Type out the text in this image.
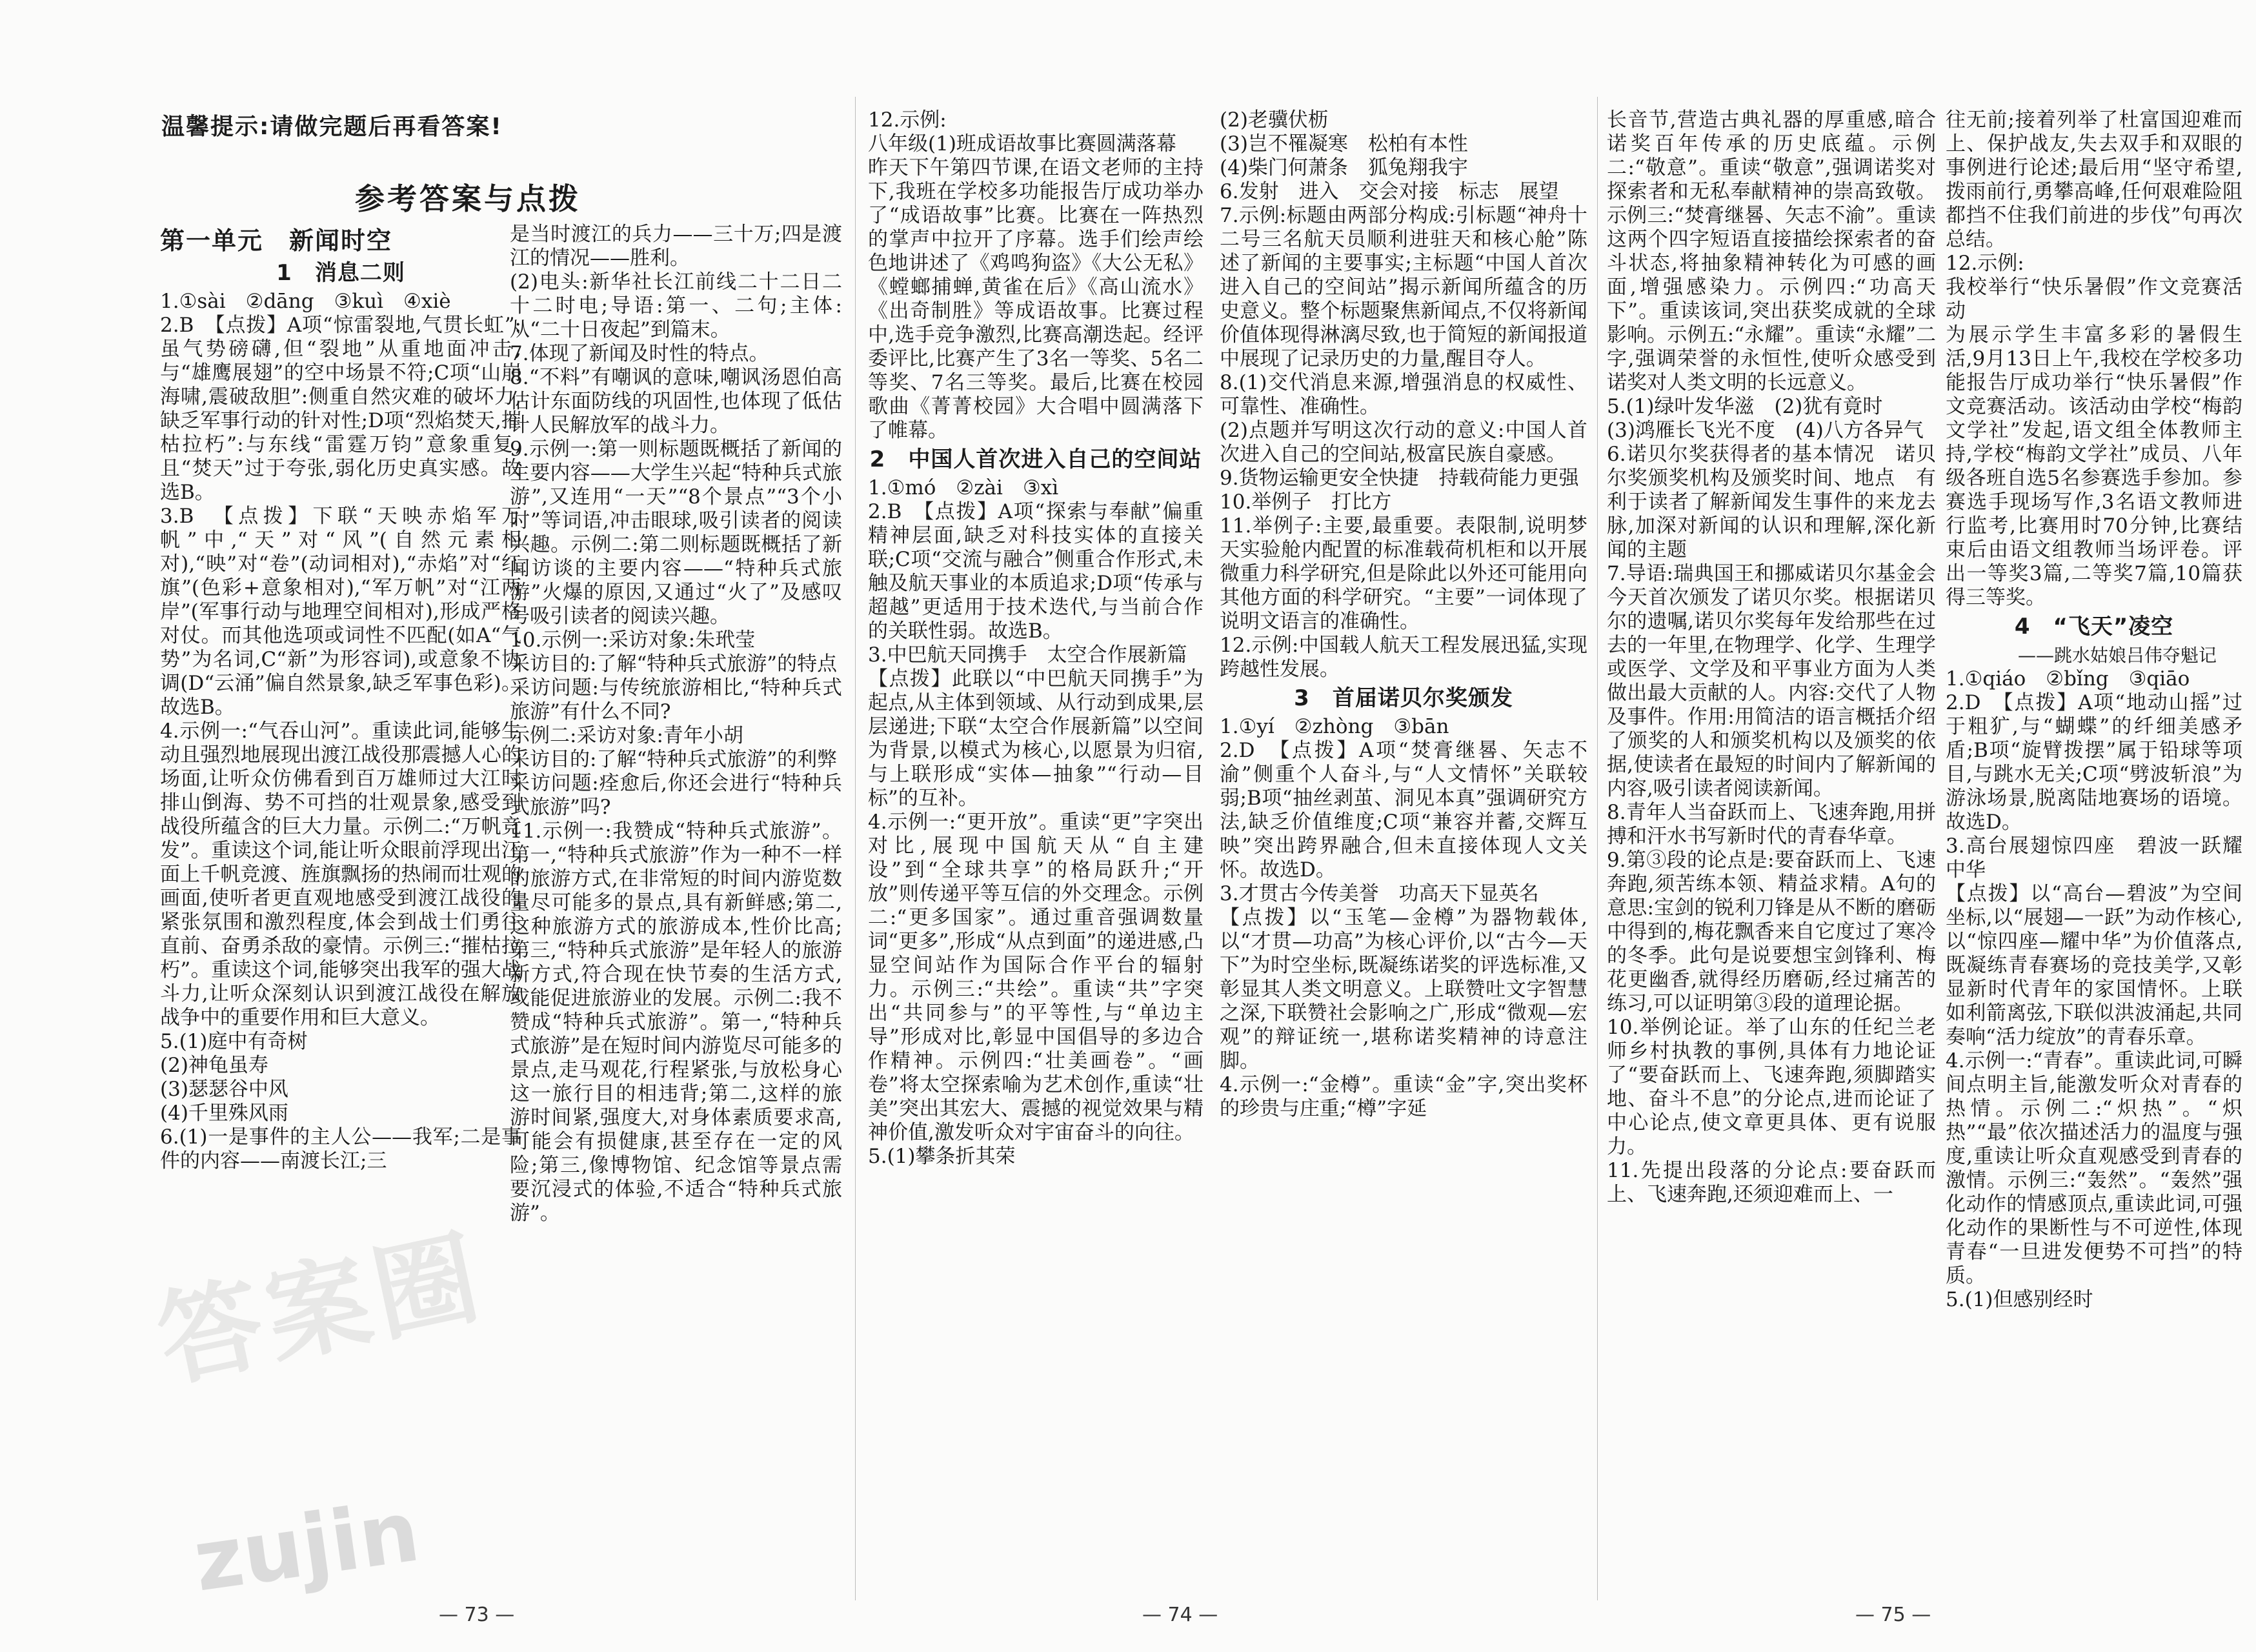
温馨提示:请做完题后再看答案!
参考答案与点拨

第一单元　新闻时空

1　消息二则

1.①sài　②dāng　③kuì　④xiè

2.B　【点拨】A项“惊雷裂地,气贯长虹”:虽气势磅礴,但“裂地”从重地面冲击,与“雄鹰展翅”的空中场景不符;C项“山崩海啸,震破敌胆”:侧重自然灾难的破坏力,缺乏军事行动的针对性;D项“烈焰焚天,摧枯拉朽”:与东线“雷霆万钧”意象重复,且“焚天”过于夸张,弱化历史真实感。故选B。

3.B　【点拨】下联“天映赤焰军万帆”中,“天”对“风”(自然元素相对),“映”对“卷”(动词相对),“赤焰”对“红旗”(色彩+意象相对),“军万帆”对“江两岸”(军事行动与地理空间相对),形成严格对仗。而其他选项或词性不匹配(如A“气势”为名词,C“新”为形容词),或意象不协调(D“云涌”偏自然景象,缺乏军事色彩)。故选B。

4.示例一:“气吞山河”。重读此词,能够生动且强烈地展现出渡江战役那震撼人心的场面,让听众仿佛看到百万雄师过大江时排山倒海、势不可挡的壮观景象,感受到战役所蕴含的巨大力量。示例二:“万帆竞发”。重读这个词,能让听众眼前浮现出江面上千帆竞渡、旌旗飘扬的热闹而壮观的画面,使听者更直观地感受到渡江战役的紧张氛围和激烈程度,体会到战士们勇往直前、奋勇杀敌的豪情。示例三:“摧枯拉朽”。重读这个词,能够突出我军的强大战斗力,让听众深刻认识到渡江战役在解放战争中的重要作用和巨大意义。

5.(1)庭中有奇树

(2)神龟虽寿

(3)瑟瑟谷中风

(4)千里殊风雨

6.(1)一是事件的主人公——我军;二是事件的内容——南渡长江;三

是当时渡江的兵力——三十万;四是渡江的情况——胜利。

(2)电头:新华社长江前线二十二日二十二时电;导语:第一、二句;主体:从“二十日夜起”到篇末。

7.体现了新闻及时性的特点。

8.“不料”有嘲讽的意味,嘲讽汤恩伯高估计东面防线的巩固性,也体现了低估计人民解放军的战斗力。

9.示例一:第一则标题既概括了新闻的主要内容——大学生兴起“特种兵式旅游”,又连用“一天”“8个景点”“3个小时”等词语,冲击眼球,吸引读者的阅读兴趣。示例二:第二则标题既概括了新闻访谈的主要内容——“特种兵式旅游”火爆的原因,又通过“火了”及感叹号吸引读者的阅读兴趣。

10.示例一:采访对象:朱玳莹

采访目的:了解“特种兵式旅游”的特点

采访问题:与传统旅游相比,“特种兵式旅游”有什么不同?

示例二:采访对象:青年小胡

采访目的:了解“特种兵式旅游”的利弊

采访问题:痊愈后,你还会进行“特种兵式旅游”吗?

11.示例一:我赞成“特种兵式旅游”。第一,“特种兵式旅游”作为一种不一样的旅游方式,在非常短的时间内游览数量尽可能多的景点,具有新鲜感;第二,这种旅游方式的旅游成本,性价比高;第三,“特种兵式旅游”是年轻人的旅游新方式,符合现在快节奏的生活方式,或能促进旅游业的发展。示例二:我不赞成“特种兵式旅游”。第一,“特种兵式旅游”是在短时间内游览尽可能多的景点,走马观花,行程紧张,与放松身心这一旅行目的相违背;第二,这样的旅游时间紧,强度大,对身体素质要求高,可能会有损健康,甚至存在一定的风险;第三,像博物馆、纪念馆等景点需要沉浸式的体验,不适合“特种兵式旅游”。

12.示例:

八年级(1)班成语故事比赛圆满落幕

昨天下午第四节课,在语文老师的主持下,我班在学校多功能报告厅成功举办了“成语故事”比赛。比赛在一阵热烈的掌声中拉开了序幕。选手们绘声绘色地讲述了《鸡鸣狗盗》《大公无私》《螳螂捕蝉,黄雀在后》《高山流水》《出奇制胜》等成语故事。比赛过程中,选手竞争激烈,比赛高潮迭起。经评委评比,比赛产生了3名一等奖、5名二等奖、7名三等奖。最后,比赛在校园歌曲《菁菁校园》大合唱中圆满落下了帷幕。

2　中国人首次进入自己的空间站

1.①mó　②zài　③xì

2.B　【点拨】A项“探索与奉献”偏重精神层面,缺乏对科技实体的直接关联;C项“交流与融合”侧重合作形式,未触及航天事业的本质追求;D项“传承与超越”更适用于技术迭代,与当前合作的关联性弱。故选B。

3.中巴航天同携手　太空合作展新篇

【点拨】此联以“中巴航天同携手”为起点,从主体到领域、从行动到成果,层层递进;下联“太空合作展新篇”以空间为背景,以模式为核心,以愿景为归宿,与上联形成“实体—抽象”“行动—目标”的互补。

4.示例一:“更开放”。重读“更”字突出对比,展现中国航天从“自主建设”到“全球共享”的格局跃升;“开放”则传递平等互信的外交理念。示例二:“更多国家”。通过重音强调数量词“更多”,形成“从点到面”的递进感,凸显空间站作为国际合作平台的辐射力。示例三:“共绘”。重读“共”字突出“共同参与”的平等性,与“单边主导”形成对比,彰显中国倡导的多边合作精神。示例四:“壮美画卷”。“画卷”将太空探索喻为艺术创作,重读“壮美”突出其宏大、震撼的视觉效果与精神价值,激发听众对宇宙奋斗的向往。

5.(1)攀条折其荣

(2)老骥伏枥

(3)岂不罹凝寒　松柏有本性

(4)柴门何萧条　狐兔翔我宇

6.发射　进入　交会对接　标志　展望

7.示例:标题由两部分构成:引标题“神舟十二号三名航天员顺利进驻天和核心舱”陈述了新闻的主要事实;主标题“中国人首次进入自己的空间站”揭示新闻所蕴含的历史意义。整个标题聚焦新闻点,不仅将新闻价值体现得淋漓尽致,也于简短的新闻报道中展现了记录历史的力量,醒目夺人。

8.(1)交代消息来源,增强消息的权威性、可靠性、准确性。

(2)点题并写明这次行动的意义:中国人首次进入自己的空间站,极富民族自豪感。

9.货物运输更安全快捷　持载荷能力更强

10.举例子　打比方

11.举例子:主要,最重要。表限制,说明梦天实验舱内配置的标准载荷机柜和以开展微重力科学研究,但是除此以外还可能用向其他方面的科学研究。“主要”一词体现了说明文语言的准确性。

12.示例:中国载人航天工程发展迅猛,实现跨越性发展。

3　首届诺贝尔奖颁发

1.①yí　②zhòng　③bān

2.D　【点拨】A项“焚膏继晷、矢志不渝”侧重个人奋斗,与“人文情怀”关联较弱;B项“抽丝剥茧、洞见本真”强调研究方法,缺乏价值维度;C项“兼容并蓄,交辉互映”突出跨界融合,但未直接体现人文关怀。故选D。

3.才贯古今传美誉　功高天下显英名

【点拨】以“玉笔—金樽”为器物载体,以“才贯—功高”为核心评价,以“古今—天下”为时空坐标,既凝练诺奖的评选标准,又彰显其人类文明意义。上联赞吐文字智慧之深,下联赞社会影响之广,形成“微观—宏观”的辩证统一,堪称诺奖精神的诗意注脚。

4.示例一:“金樽”。重读“金”字,突出奖杯的珍贵与庄重;“樽”字延

长音节,营造古典礼器的厚重感,暗合诺奖百年传承的历史底蕴。示例二:“敬意”。重读“敬意”,强调诺奖对探索者和无私奉献精神的崇高致敬。示例三:“焚膏继晷、矢志不渝”。重读这两个四字短语直接描绘探索者的奋斗状态,将抽象精神转化为可感的画面,增强感染力。示例四:“功高天下”。重读该词,突出获奖成就的全球影响。示例五:“永耀”。重读“永耀”二字,强调荣誉的永恒性,使听众感受到诺奖对人类文明的长远意义。

5.(1)绿叶发华滋　(2)犹有竟时

(3)鸿雁长飞光不度　(4)八方各异气

6.诺贝尔奖获得者的基本情况　诺贝尔奖颁奖机构及颁奖时间、地点　有利于读者了解新闻发生事件的来龙去脉,加深对新闻的认识和理解,深化新闻的主题

7.导语:瑞典国王和挪威诺贝尔基金会今天首次颁发了诺贝尔奖。根据诺贝尔的遗嘱,诺贝尔奖每年发给那些在过去的一年里,在物理学、化学、生理学或医学、文学及和平事业方面为人类做出最大贡献的人。内容:交代了人物及事件。作用:用简洁的语言概括介绍了颁奖的人和颁奖机构以及颁奖的依据,使读者在最短的时间内了解新闻的内容,吸引读者阅读新闻。

8.青年人当奋跃而上、飞速奔跑,用拼搏和汗水书写新时代的青春华章。

9.第③段的论点是:要奋跃而上、飞速奔跑,须苦练本领、精益求精。A句的意思:宝剑的锐利刀锋是从不断的磨砺中得到的,梅花飘香来自它度过了寒冷的冬季。此句是说要想宝剑锋利、梅花更幽香,就得经历磨砺,经过痛苦的练习,可以证明第③段的道理论据。

10.举例论证。举了山东的任纪兰老师乡村执教的事例,具体有力地论证了“要奋跃而上、飞速奔跑,须脚踏实地、奋斗不息”的分论点,进而论证了中心论点,使文章更具体、更有说服力。

11.先提出段落的分论点:要奋跃而上、飞速奔跑,还须迎难而上、一

往无前;接着列举了杜富国迎难而上、保护战友,失去双手和双眼的事例进行论述;最后用“坚守希望,拨雨前行,勇攀高峰,任何艰难险阻都挡不住我们前进的步伐”句再次总结。

12.示例:

我校举行“快乐暑假”作文竞赛活动

为展示学生丰富多彩的暑假生活,9月13日上午,我校在学校多功能报告厅成功举行“快乐暑假”作文竞赛活动。该活动由学校“梅韵文学社”发起,语文组全体教师主持,学校“梅韵文学社”成员、八年级各班自选5名参赛选手参加。参赛选手现场写作,3名语文教师进行监考,比赛用时70分钟,比赛结束后由语文组教师当场评卷。评出一等奖3篇,二等奖7篇,10篇获得三等奖。

4　“飞天”凌空

——跳水姑娘吕伟夺魁记

1.①qiáo　②bǐng　③qiāo

2.D　【点拨】A项“地动山摇”过于粗犷,与“蝴蝶”的纤细美感矛盾;B项“旋臂拨摆”属于铅球等项目,与跳水无关;C项“劈波斩浪”为游泳场景,脱离陆地赛场的语境。故选D。

3.高台展翅惊四座　碧波一跃耀中华

【点拨】以“高台—碧波”为空间坐标,以“展翅—一跃”为动作核心,以“惊四座—耀中华”为价值落点,既凝练青春赛场的竞技美学,又彰显新时代青年的家国情怀。上联如利箭离弦,下联似洪波涌起,共同奏响“活力绽放”的青春乐章。

4.示例一:“青春”。重读此词,可瞬间点明主旨,能激发听众对青春的热情。示例二:“炽热”。“炽热”“最”依次描述活力的温度与强度,重读让听众直观感受到青春的激情。示例三:“轰然”。“轰然”强化动作的情感顶点,重读此词,可强化动作的果断性与不可逆性,体现青春“一旦进发便势不可挡”的特质。

5.(1)但感别经时

答案圈
zujin
— 73 —	— 74 —	— 75 —
